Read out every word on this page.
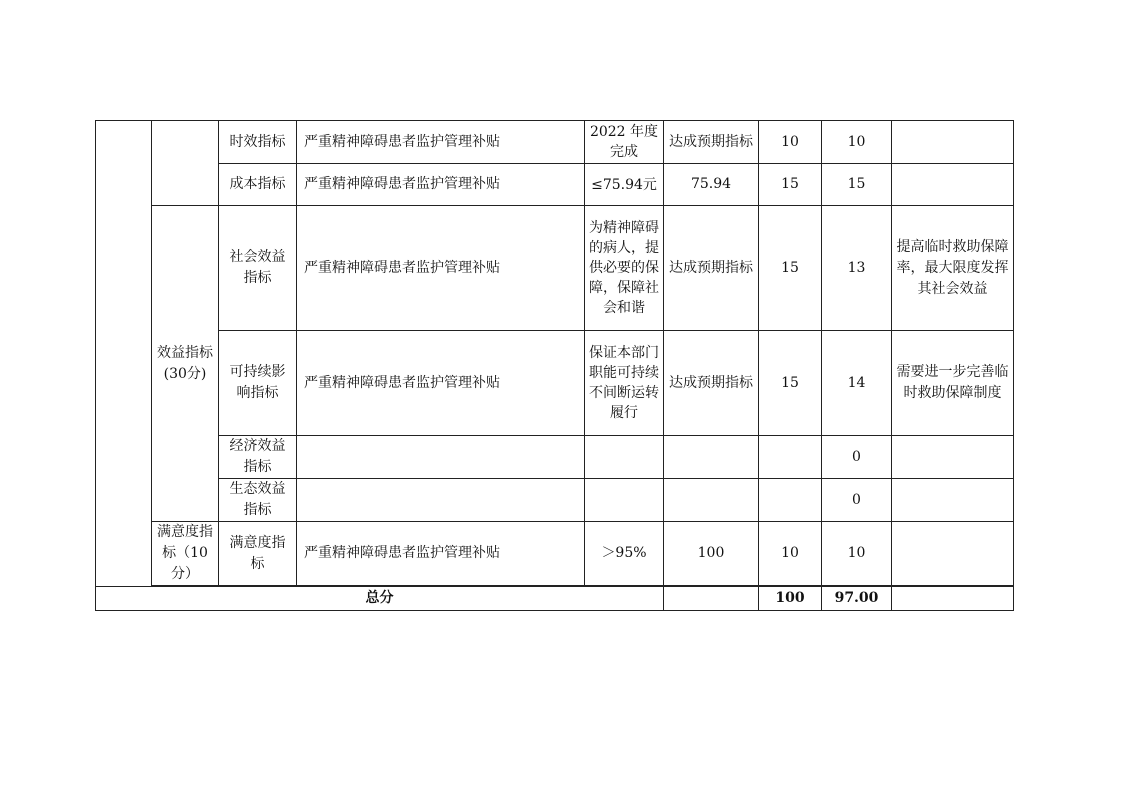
		时效指标	严重精神障碍患者监护管理补贴	2022 年度完成	达成预期指标	10	10	
		成本指标	严重精神障碍患者监护管理补贴	≤75.94元	75.94	15	15	
	效益指标(30分)	社会效益指标	严重精神障碍患者监护管理补贴	为精神障碍的病人，提供必要的保障，保障社会和谐	达成预期指标	15	13	提高临时救助保障率，最大限度发挥其社会效益
		可持续影响指标	严重精神障碍患者监护管理补贴	保证本部门职能可持续不间断运转履行	达成预期指标	15	14	需要进一步完善临时救助保障制度
		经济效益指标					0	
		生态效益指标					0	
	满意度指标（10 分）	满意度指标	严重精神障碍患者监护管理补贴	＞95%	100	10	10	

总分						100	97.00	
